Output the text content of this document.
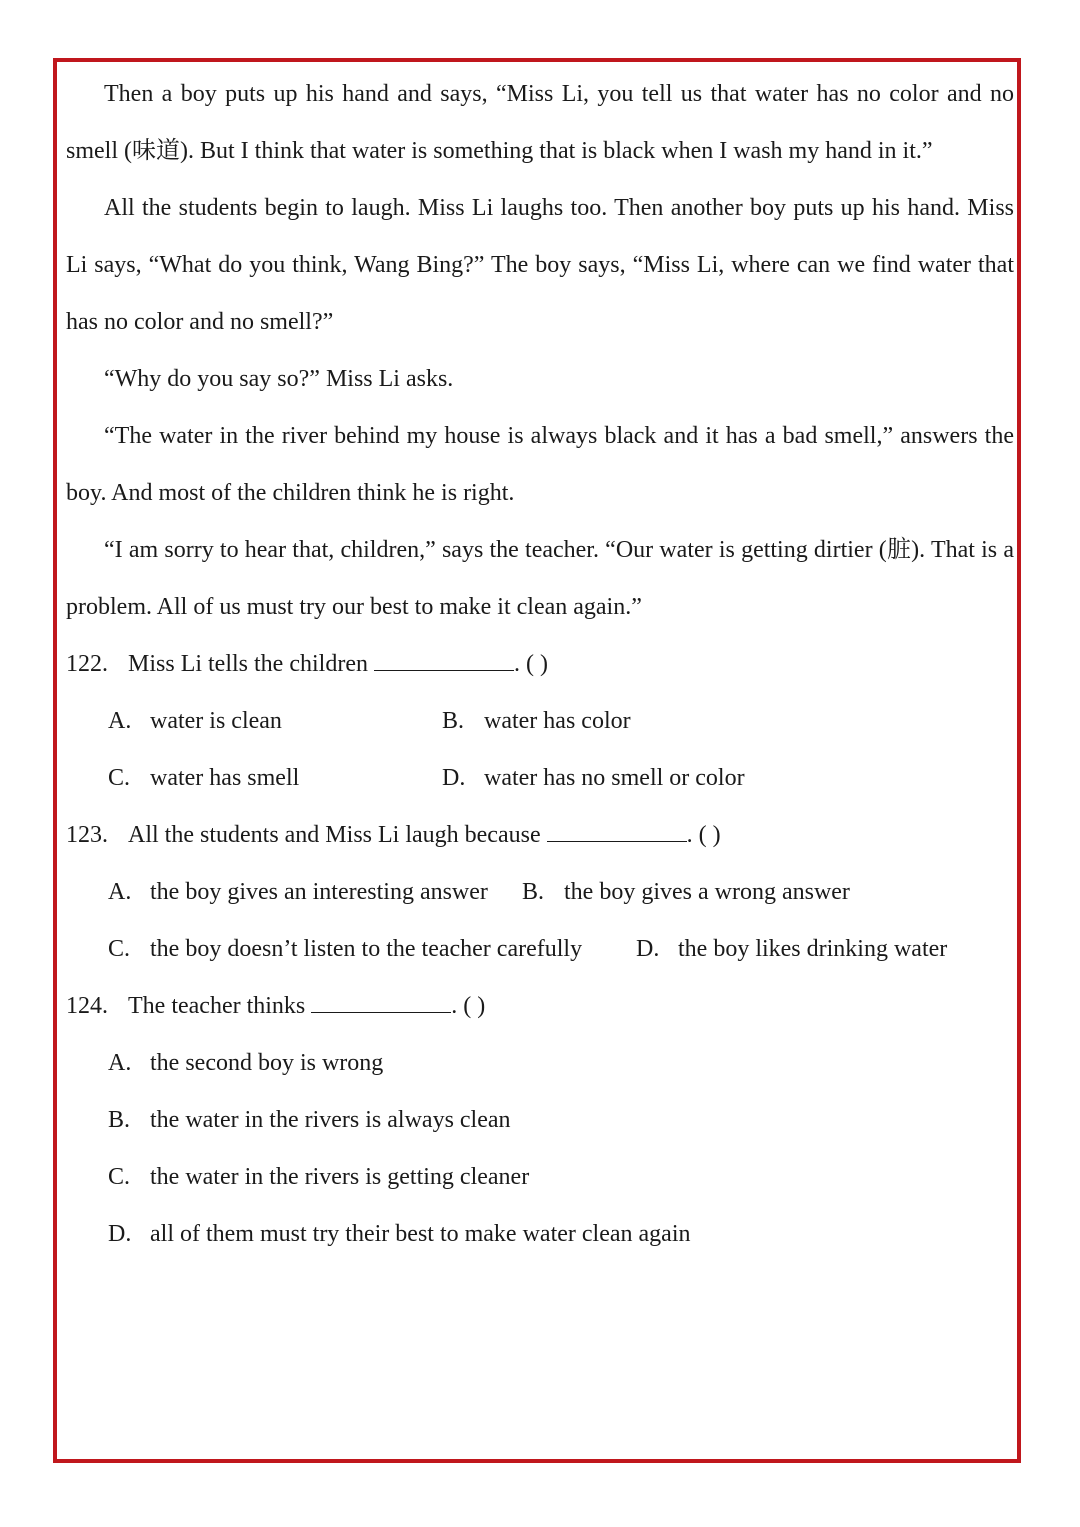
Then a boy puts up his hand and says, “Miss Li, you tell us that water has no color and no smell (味道). But I think that water is something that is black when I wash my hand in it.”

All the students begin to laugh. Miss Li laughs too. Then another boy puts up his hand. Miss Li says, “What do you think, Wang Bing?” The boy says, “Miss Li, where can we find water that has no color and no smell?”

“Why do you say so?” Miss Li asks.

“The water in the river behind my house is always black and it has a bad smell,” answers the boy. And most of the children think he is right.

“I am sorry to hear that, children,” says the teacher. “Our water is getting dirtier (脏). That is a problem. All of us must try our best to make it clean again.”

122. Miss Li tells the children	. ( )
A. water is clean	B. water has color
C. water has smell	D. water has no smell or color
123. All the students and Miss Li laugh because	. ( )
A. the boy gives an interesting answer B. the boy gives a wrong answer
C. the boy doesn’t listen to the teacher carefully D. the boy likes drinking water
124. The teacher thinks	. ( )
A. the second boy is wrong
B. the water in the rivers is always clean
C. the water in the rivers is getting cleaner
D. all of them must try their best to make water clean again
